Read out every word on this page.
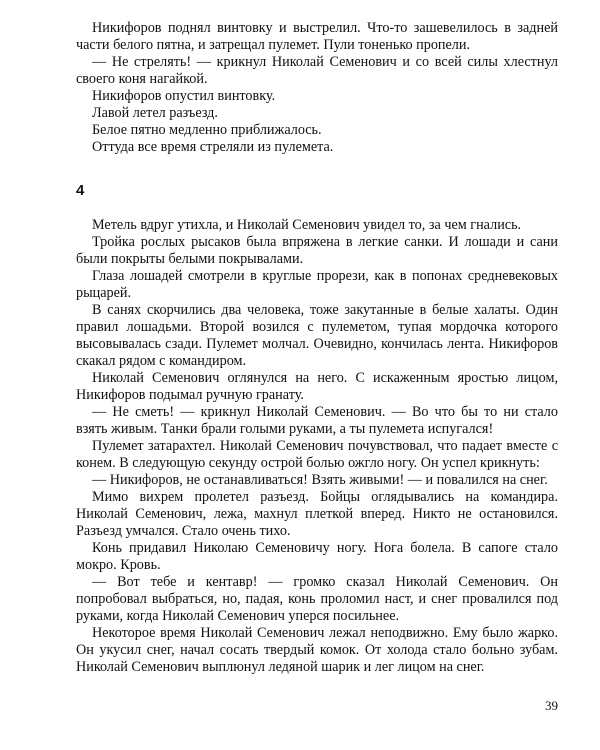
Никифоров поднял винтовку и выстрелил. Что-то зашевелилось в задней части белого пятна, и затрещал пулемет. Пули тоненько пропели.

— Не стрелять! — крикнул Николай Семенович и со всей силы хлестнул своего коня нагайкой.

Никифоров опустил винтовку.

Лавой летел разъезд.

Белое пятно медленно приближалось.

Оттуда все время стреляли из пулемета.

4

Метель вдруг утихла, и Николай Семенович увидел то, за чем гнались.

Тройка рослых рысаков была впряжена в легкие санки. И лошади и сани были покрыты белыми покрывалами.

Глаза лошадей смотрели в круглые прорези, как в попонах средневековых рыцарей.

В санях скорчились два человека, тоже закутанные в белые халаты. Один правил лошадьми. Второй возился с пулеметом, тупая мордочка которого высовывалась сзади. Пулемет молчал. Очевидно, кончилась лента. Никифоров скакал рядом с командиром.

Николай Семенович оглянулся на него. С искаженным яростью лицом, Никифоров подымал ручную гранату.

— Не сметь! — крикнул Николай Семенович. — Во что бы то ни стало взять живым. Танки брали голыми руками, а ты пулемета испугался!

Пулемет затарахтел. Николай Семенович почувствовал, что падает вместе с конем. В следующую секунду острой болью ожгло ногу. Он успел крикнуть:

— Никифоров, не останавливаться! Взять живыми! — и повалился на снег.

Мимо вихрем пролетел разъезд. Бойцы оглядывались на командира. Николай Семенович, лежа, махнул плеткой вперед. Никто не остановился. Разъезд умчался. Стало очень тихо.

Конь придавил Николаю Семеновичу ногу. Нога болела. В сапоге стало мокро. Кровь.

— Вот тебе и кентавр! — громко сказал Николай Семенович. Он попробовал выбраться, но, падая, конь проломил наст, и снег провалился под руками, когда Николай Семенович уперся посильнее.

Некоторое время Николай Семенович лежал неподвижно. Ему было жарко. Он укусил снег, начал сосать твердый комок. От холода стало больно зубам. Николай Семенович выплюнул ледяной шарик и лег лицом на снег.

39
